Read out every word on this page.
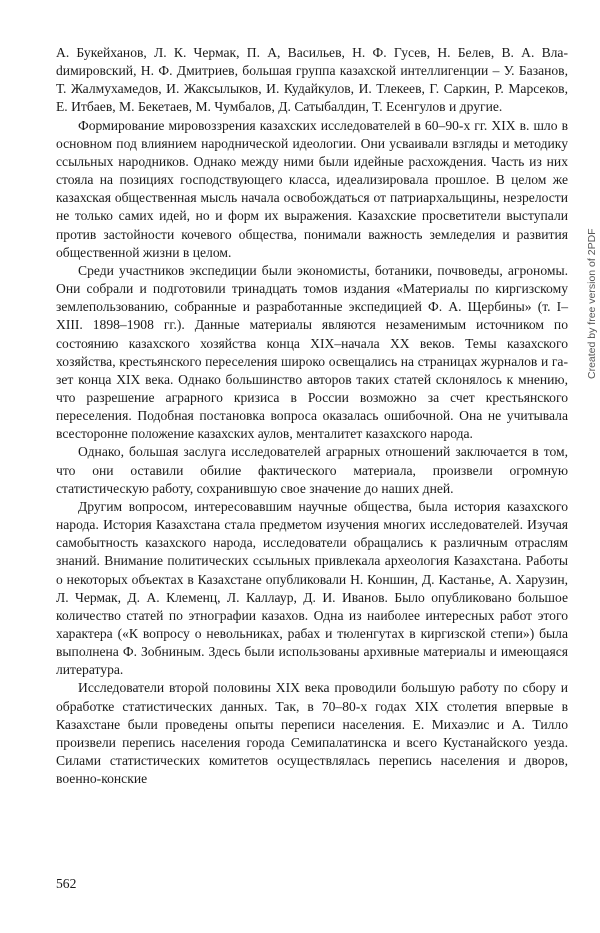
А. Букейханов, Л. К. Чермак, П. А, Васильев, Н. Ф. Гусев, Н. Белев, В. А. Влаdимировский, Н. Ф. Дмитриев, большая группа казахской интеллигенции – У. Базанов, Т. Жалмухамедов, И. Жаксылыков, И. Кудайкулов, И. Тлекеев, Г. Саркин, Р. Марсеков, Е. Итбаев, М. Бекетаев, М. Чумбалов, Д. Сатыбалдин, Т. Есенгулов и другие.

Формирование мировоззрения казахских исследователей в 60–90-х гг. XIX в. шло в основном под влиянием народнической идеологии. Они усваивали взгляды и методику ссыльных народников. Однако между ними были идейные расхождения. Часть из них стояла на позициях господствующего класса, идеализировала прошлое. В целом же казахская общественная мысль начала освобождаться от патриархальщины, незрелости не только самих идей, но и форм их выражения. Казахские просветители выступали против застойности кочевого общества, понимали важность земледелия и развития общественной жизни в целом.

Среди участников экспедиции были экономисты, ботаники, почвоведы, агрономы. Они собрали и подготовили тринадцать томов издания «Материалы по киргизскому землепользованию, собранные и разработанные экспедицией Ф. А. Щербины» (т. I–XIII. 1898–1908 гг.). Данные материалы являются незаменимым источником по состоянию казахского хозяйства конца XIX–начала XX веков. Темы казахского хозяйства, крестьянского переселения широко освещались на страницах журналов и газет конца XIX века. Однако большинство авторов таких статей склонялось к мнению, что разрешение аграрного кризиса в России возможно за счет крестьянского переселения. Подобная постановка вопроса оказалась ошибочной. Она не учитывала всесторонне положение казахских аулов, менталитет казахского народа.

Однако, большая заслуга исследователей аграрных отношений заключается в том, что они оставили обилие фактического материала, произвели огромную статистическую работу, сохранившую свое значение до наших дней.

Другим вопросом, интересовавшим научные общества, была история казахского народа. История Казахстана стала предметом изучения многих исследователей. Изучая самобытность казахского народа, исследователи обращались к различным отраслям знаний. Внимание политических ссыльных привлекала археология Казахстана. Работы о некоторых объектах в Казахстане опубликовали Н. Коншин, Д. Кастанье, А. Харузин, Л. Чермак, Д. А. Клеменц, Л. Каллаур, Д. И. Иванов. Было опубликовано большое количество статей по этнографии казахов. Одна из наиболее интересных работ этого характера («К вопросу о невольниках, рабах и тюленгутах в киргизской степи») была выполнена Ф. Зобниным. Здесь были использованы архивные материалы и имеющаяся литература.

Исследователи второй половины XIX века проводили большую работу по сбору и обработке статистических данных. Так, в 70–80-х годах XIX столетия впервые в Казахстане были проведены опыты переписи населения. Е. Михаэлис и А. Тилло произвели перепись населения города Семипалатинска и всего Кустанайского уезда. Силами статистических комитетов осуществлялась перепись населения и дворов, военно-конские

Created by free version of 2PDF
562
